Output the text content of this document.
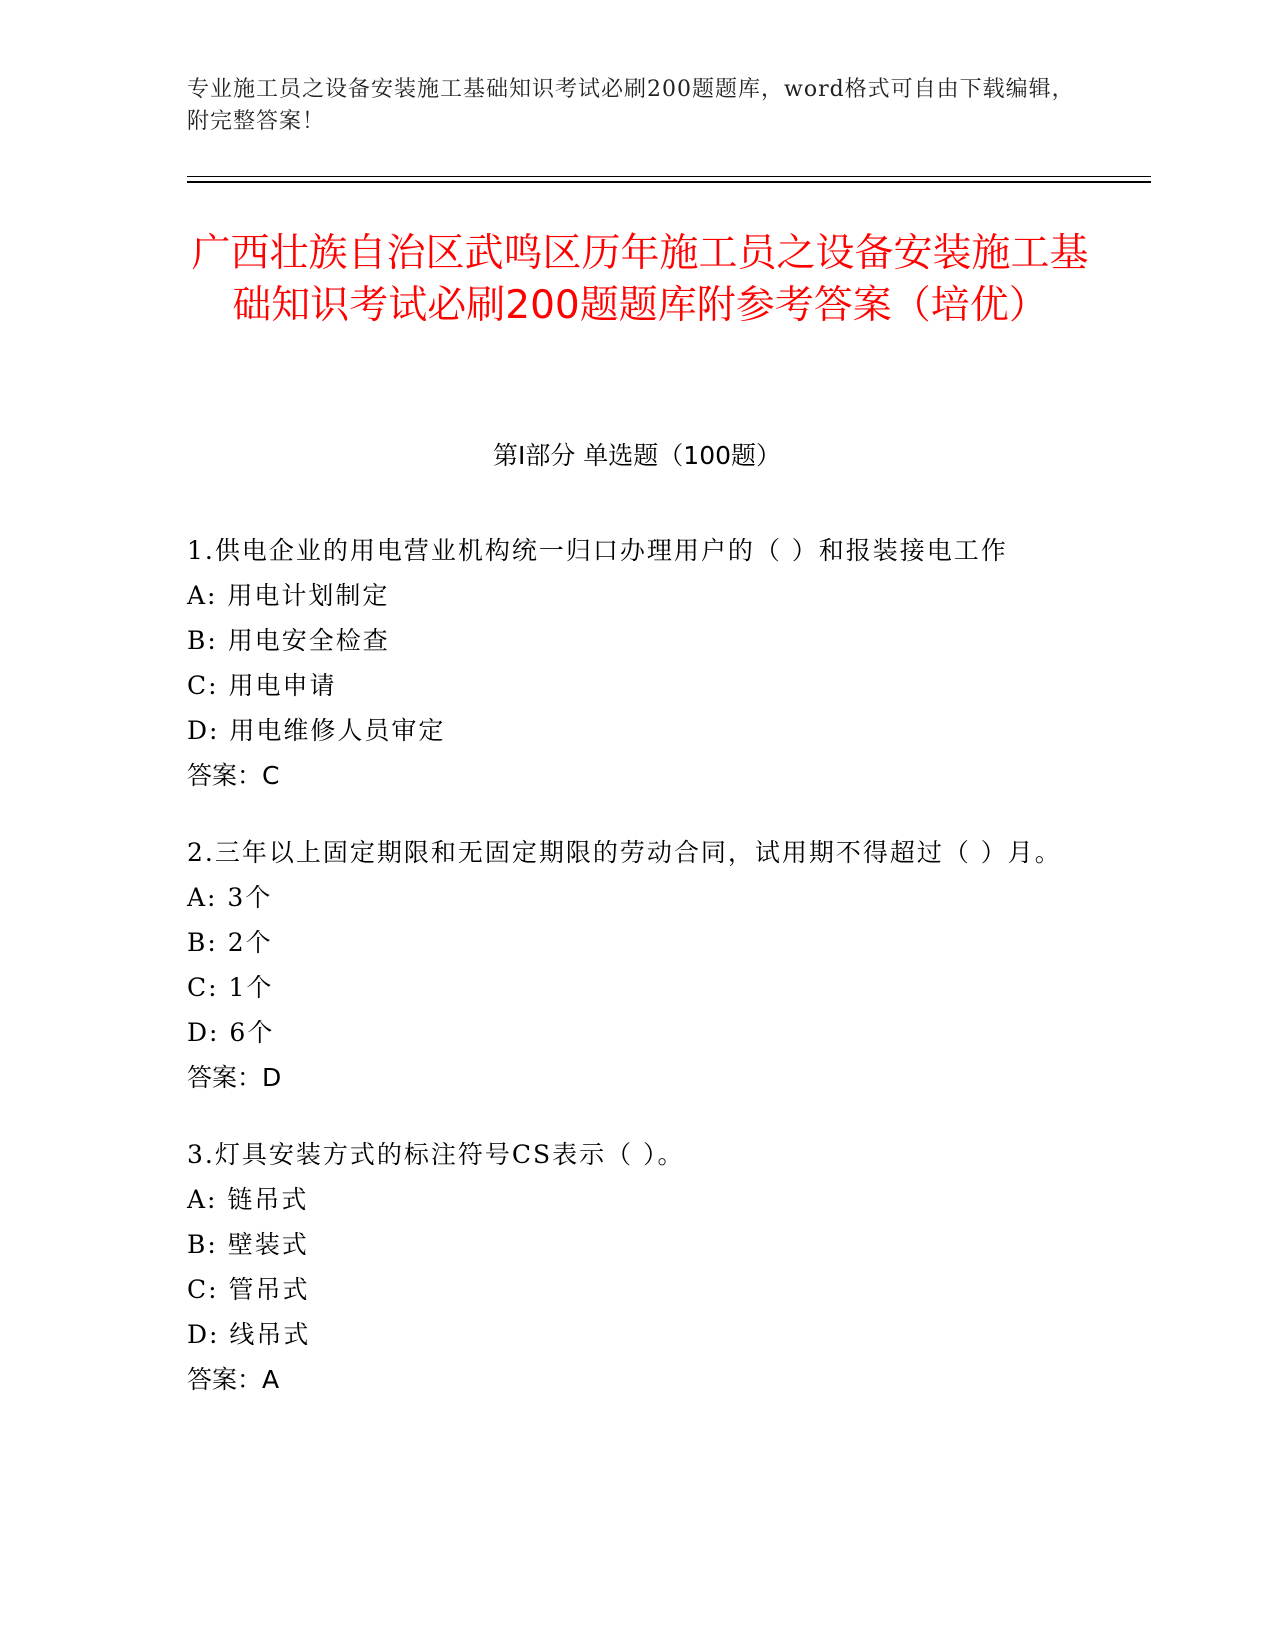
专业施工员之设备安装施工基础知识考试必刷200题题库，word格式可自由下载编辑，附完整答案！
广西壮族自治区武鸣区历年施工员之设备安装施工基础知识考试必刷200题题库附参考答案（培优）
第I部分 单选题（100题）
1.供电企业的用电营业机构统一归口办理用户的（ ）和报装接电工作
A: 用电计划制定
B: 用电安全检查
C: 用电申请
D: 用电维修人员审定
答案：C
2.三年以上固定期限和无固定期限的劳动合同，试用期不得超过（ ）月。
A: 3个
B: 2个
C: 1个
D: 6个
答案：D
3.灯具安装方式的标注符号CS表示（ ）。
A: 链吊式
B: 壁装式
C: 管吊式
D: 线吊式
答案：A
